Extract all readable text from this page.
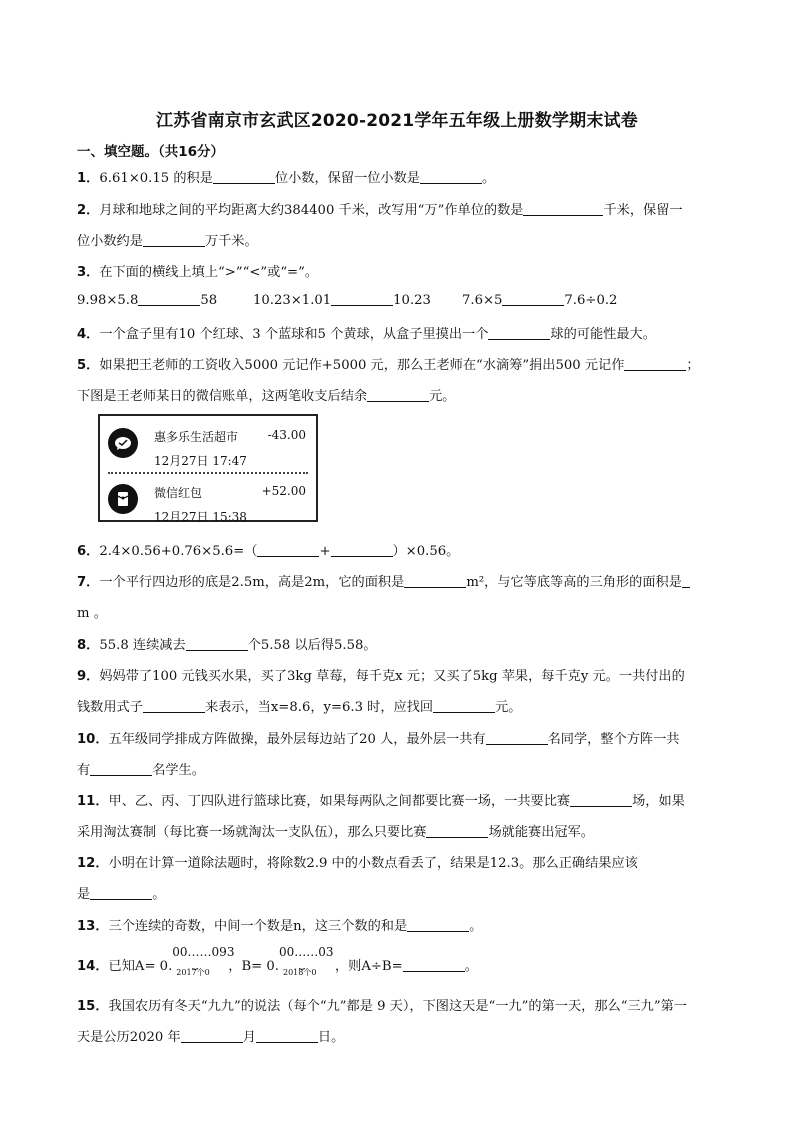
江苏省南京市玄武区2020-2021学年五年级上册数学期末试卷
一、填空题。（共16分）
1．6.61×0.15 的积是	位小数，保留一位小数是	。
2．月球和地球之间的平均距离大约384400 千米，改写用“万”作单位的数是	千米，保留一
位小数约是	万千米。
3．在下面的横线上填上“>”“<”或“=”。
9.98×5.8	58	10.23×1.01	10.23 7.6×5	7.6÷0.2
4．一个盒子里有10 个红球、3 个蓝球和5 个黄球，从盒子里摸出一个	球的可能性最大。
5．如果把王老师的工资收入5000 元记作+5000 元，那么王老师在“水滴筹”捐出500 元记作	；
下图是王老师某日的微信账单，这两笔收支后结余	元。
惠多乐生活超市 -43.00
12月27日 17:47
微信红包	+52.00
12月27日 15:38
6．2.4×0.56+0.76×5.6=（	+	）×0.56。
7．一个平行四边形的底是2.5m，高是2m，它的面积是	m²，与它等底等高的三角形的面积是
m 。
8．55.8 连续减去	个5.58 以后得5.58。
9．妈妈带了100 元钱买水果，买了3kg 草莓，每千克x 元；又买了5kg 苹果，每千克y 元。一共付出的
钱数用式子	来表示，当x=8.6，y=6.3 时，应找回	元。
10．五年级同学排成方阵做操，最外层每边站了20 人，最外层一共有	名同学，整个方阵一共
有	名学生。
11．甲、乙、丙、丁四队进行篮球比赛，如果每两队之间都要比赛一场，一共要比赛	场，如果
采用淘汰赛制（每比赛一场就淘汰一支队伍），那么只要比赛	场就能赛出冠军。
12．小明在计算一道除法题时，将除数2.9 中的小数点看丢了，结果是12.3。那么正确结果应该
是	。
13．三个连续的奇数，中间一个数是n，这三个数的和是	。
14．已知A= 0.
00……093
⏟
2017个0 ，B= 0.
00……03
⏟
2018个0 ，则A÷B=	。
15．我国农历有冬天“九九”的说法（每个“九”都是 9 天），下图这天是“一九”的第一天，那么“三九”第一
天是公历2020 年	月	日。
